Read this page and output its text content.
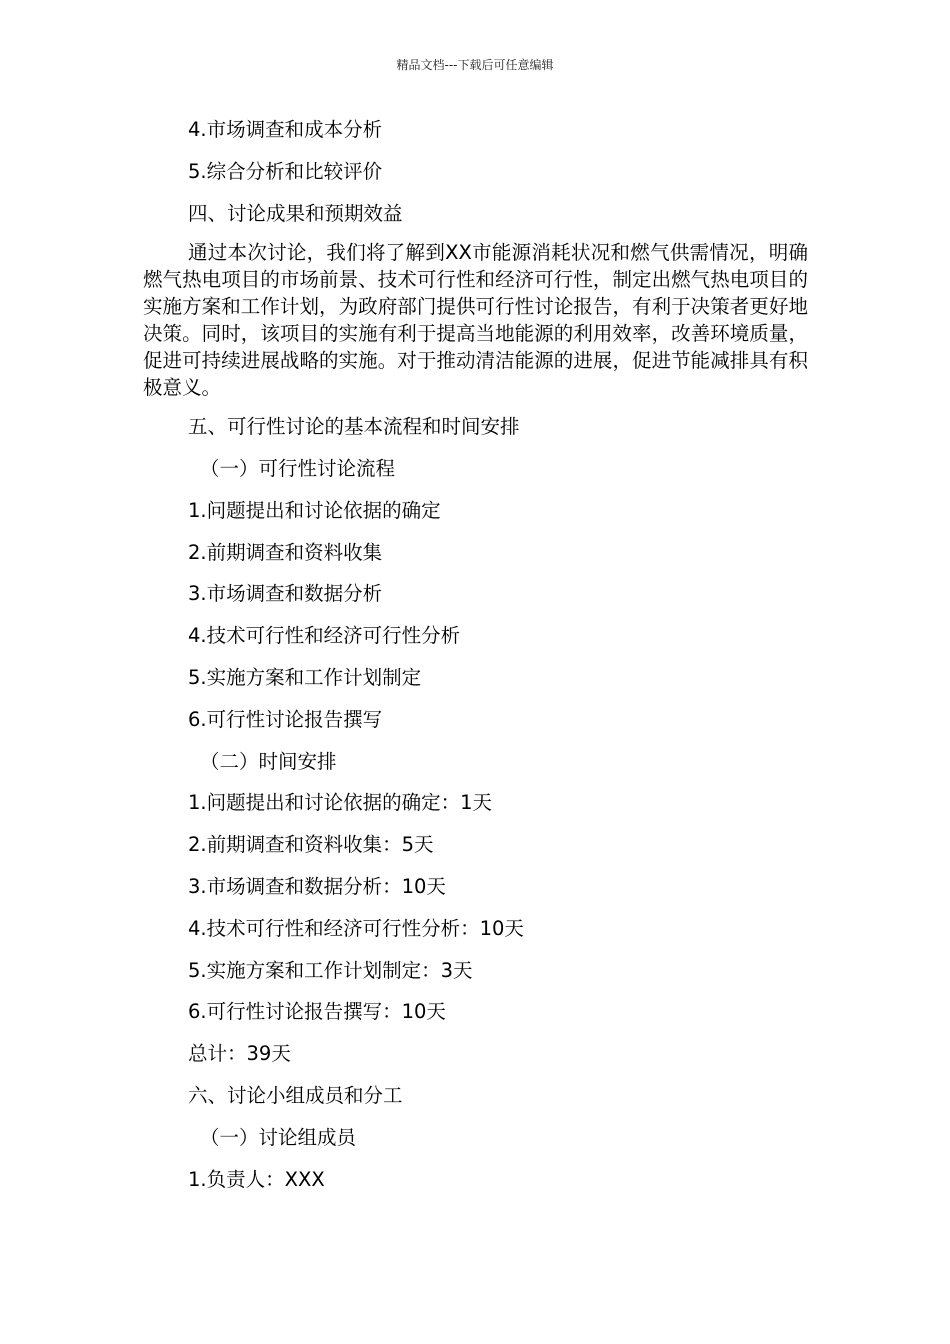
精品文档---下载后可任意编辑
4.市场调查和成本分析
5.综合分析和比较评价
四、讨论成果和预期效益
通过本次讨论，我们将了解到XX市能源消耗状况和燃气供需情况，明确燃气热电项目的市场前景、技术可行性和经济可行性，制定出燃气热电项目的实施方案和工作计划，为政府部门提供可行性讨论报告，有利于决策者更好地决策。同时，该项目的实施有利于提高当地能源的利用效率，改善环境质量，促进可持续进展战略的实施。对于推动清洁能源的进展，促进节能减排具有积极意义。
五、可行性讨论的基本流程和时间安排
（一）可行性讨论流程
1.问题提出和讨论依据的确定
2.前期调查和资料收集
3.市场调查和数据分析
4.技术可行性和经济可行性分析
5.实施方案和工作计划制定
6.可行性讨论报告撰写
（二）时间安排
1.问题提出和讨论依据的确定：1天
2.前期调查和资料收集：5天
3.市场调查和数据分析：10天
4.技术可行性和经济可行性分析：10天
5.实施方案和工作计划制定：3天
6.可行性讨论报告撰写：10天
总计：39天
六、讨论小组成员和分工
（一）讨论组成员
1.负责人：XXX
